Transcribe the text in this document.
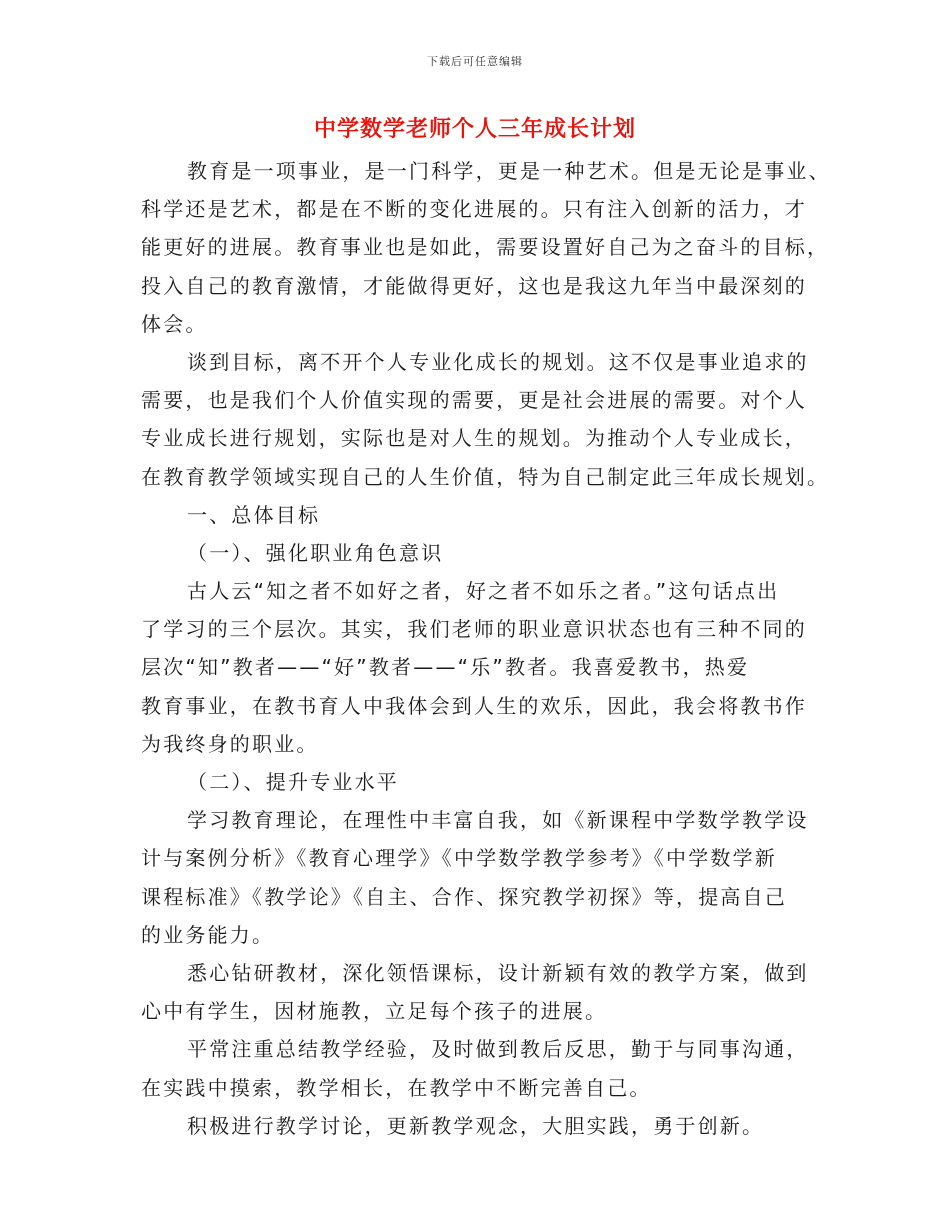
下载后可任意编辑
中学数学老师个人三年成长计划
教育是一项事业，是一门科学，更是一种艺术。但是无论是事业、
科学还是艺术，都是在不断的变化进展的。只有注入创新的活力，才
能更好的进展。教育事业也是如此，需要设置好自己为之奋斗的目标，
投入自己的教育激情，才能做得更好，这也是我这九年当中最深刻的
体会。
谈到目标，离不开个人专业化成长的规划。这不仅是事业追求的
需要，也是我们个人价值实现的需要，更是社会进展的需要。对个人
专业成长进行规划，实际也是对人生的规划。为推动个人专业成长，
在教育教学领域实现自己的人生价值，特为自己制定此三年成长规划。
一、总体目标
（一）、强化职业角色意识
古人云“知之者不如好之者，好之者不如乐之者。”这句话点出
了学习的三个层次。其实，我们老师的职业意识状态也有三种不同的
层次“知”教者——“好”教者——“乐”教者。我喜爱教书，热爱
教育事业，在教书育人中我体会到人生的欢乐，因此，我会将教书作
为我终身的职业。
（二）、提升专业水平
学习教育理论，在理性中丰富自我，如《新课程中学数学教学设
计与案例分析》《教育心理学》《中学数学教学参考》《中学数学新
课程标准》《教学论》《自主、合作、探究教学初探》等，提高自己
的业务能力。
悉心钻研教材，深化领悟课标，设计新颖有效的教学方案，做到
心中有学生，因材施教，立足每个孩子的进展。
平常注重总结教学经验，及时做到教后反思，勤于与同事沟通，
在实践中摸索，教学相长，在教学中不断完善自己。
积极进行教学讨论，更新教学观念，大胆实践，勇于创新。
